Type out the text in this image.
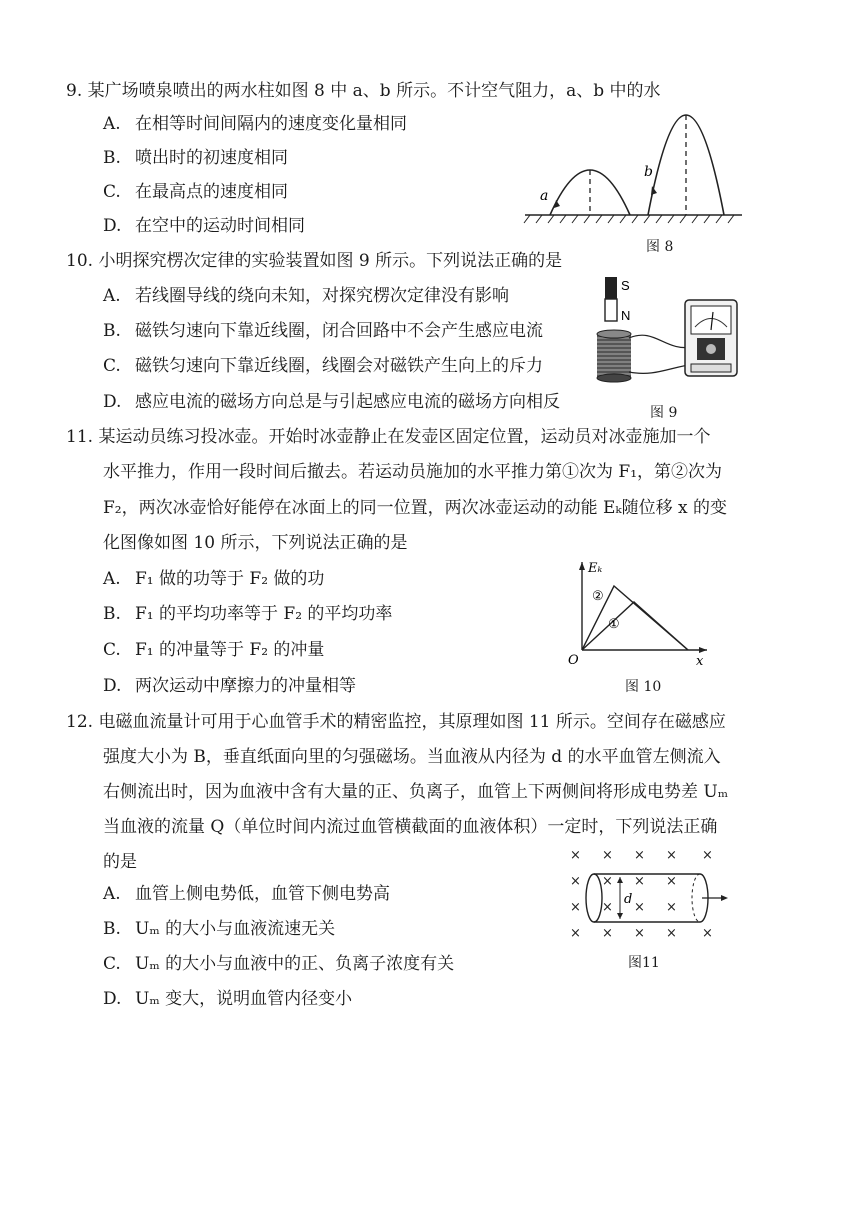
9. 某广场喷泉喷出的两水柱如图 8 中 a、b 所示。不计空气阻力，a、b 中的水
A. 在相等时间间隔内的速度变化量相同
B. 喷出时的初速度相同
C. 在最高点的速度相同
D. 在空中的运动时间相同
a
b
图 8
10. 小明探究楞次定律的实验装置如图 9 所示。下列说法正确的是
A. 若线圈导线的绕向未知，对探究楞次定律没有影响
B. 磁铁匀速向下靠近线圈，闭合回路中不会产生感应电流
C. 磁铁匀速向下靠近线圈，线圈会对磁铁产生向上的斥力
D. 感应电流的磁场方向总是与引起感应电流的磁场方向相反
S
N
图 9
11. 某运动员练习投冰壶。开始时冰壶静止在发壶区固定位置，运动员对冰壶施加一个
水平推力，作用一段时间后撤去。若运动员施加的水平推力第①次为 F₁，第②次为
F₂，两次冰壶恰好能停在冰面上的同一位置，两次冰壶运动的动能 Eₖ随位移 x 的变
化图像如图 10 所示，下列说法正确的是
A. F₁ 做的功等于 F₂ 做的功
B. F₁ 的平均功率等于 F₂ 的平均功率
C. F₁ 的冲量等于 F₂ 的冲量
D. 两次运动中摩擦力的冲量相等
Eₖ
②
①
O	x
图 10
12. 电磁血流量计可用于心血管手术的精密监控，其原理如图 11 所示。空间存在磁感应
强度大小为 B，垂直纸面向里的匀强磁场。当血液从内径为 d 的水平血管左侧流入
右侧流出时，因为血液中含有大量的正、负离子，血管上下两侧间将形成电势差 Uₘ
当血液的流量 Q（单位时间内流过血管横截面的血液体积）一定时，下列说法正确
的是
A. 血管上侧电势低，血管下侧电势高
B. Uₘ 的大小与血液流速无关
C. Uₘ 的大小与血液中的正、负离子浓度有关
D. Uₘ 变大，说明血管内径变小
× × × × ×
× × × ×
× × × ×
× × × × ×
d
图11
